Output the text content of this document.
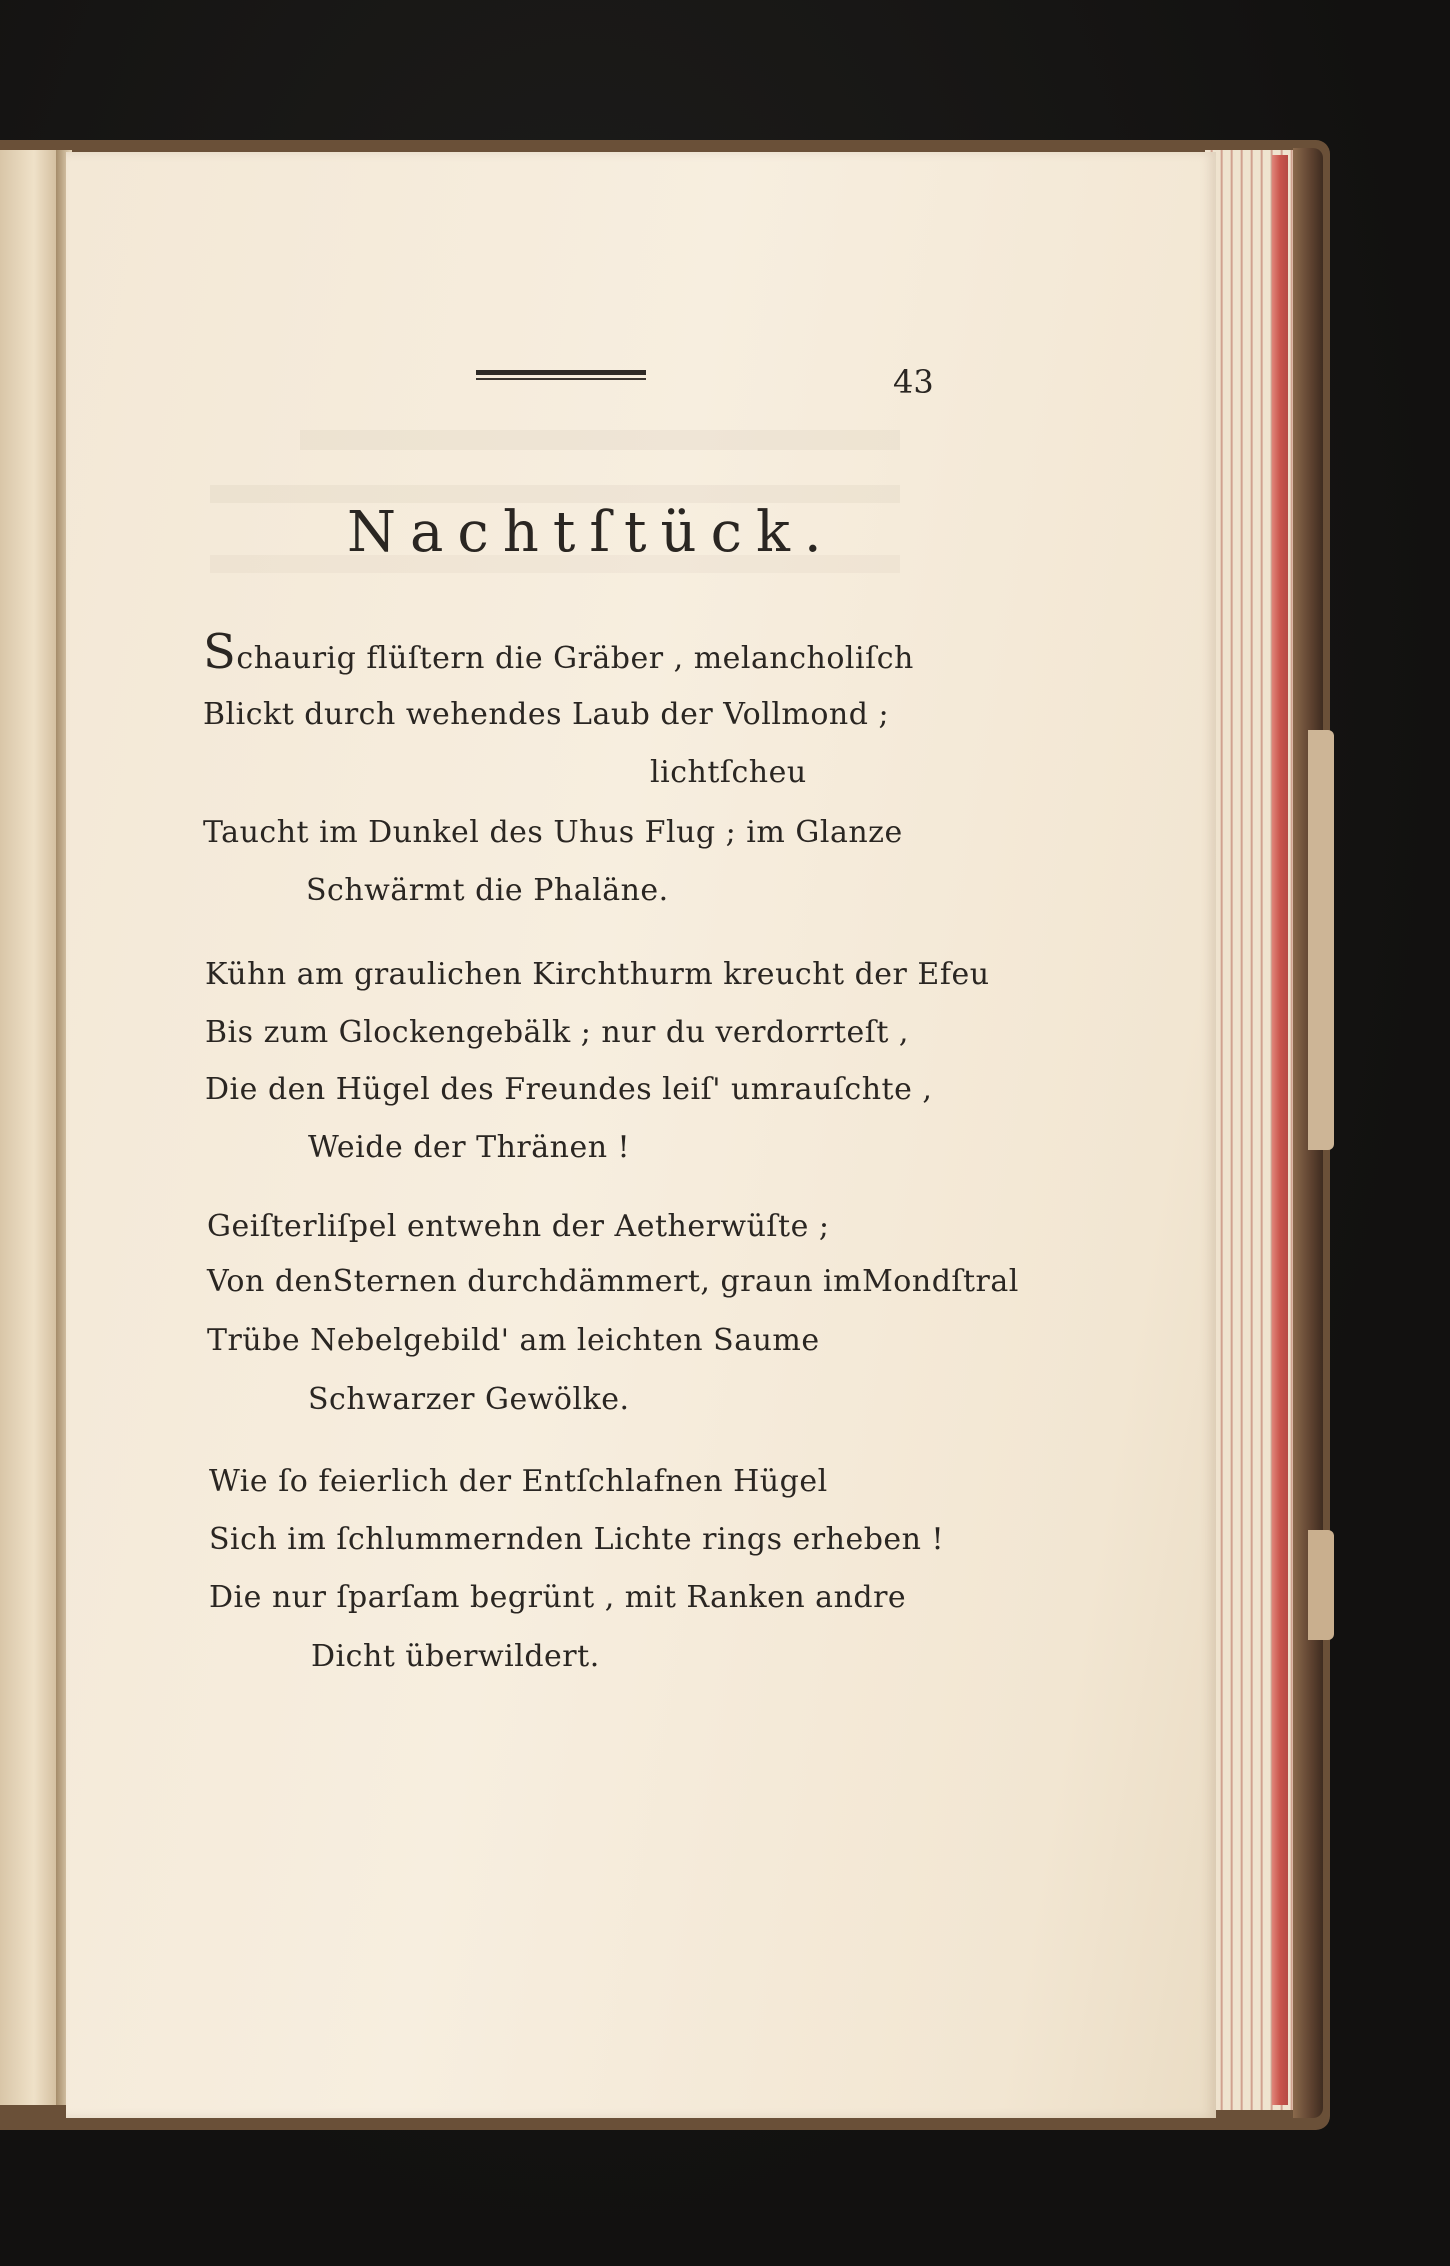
43
Nachtſtück.
Schaurig flüſtern die Gräber , melancholiſch
Blickt durch wehendes Laub der Vollmond ;
lichtſcheu
Taucht im Dunkel des Uhus Flug ; im Glanze
Schwärmt die Phaläne.
Kühn am graulichen Kirchthurm kreucht der Efeu
Bis zum Glockengebälk ; nur du verdorrteſt ,
Die den Hügel des Freundes leiſ' umrauſchte ,
Weide der Thränen !
Geiſterliſpel entwehn der Aetherwüſte ;
Von denSternen durchdämmert, graun imMondſtral
Trübe Nebelgebild' am leichten Saume
Schwarzer Gewölke.
Wie ſo feierlich der Entſchlafnen Hügel
Sich im ſchlummernden Lichte rings erheben !
Die nur ſparſam begrünt , mit Ranken andre
Dicht überwildert.
